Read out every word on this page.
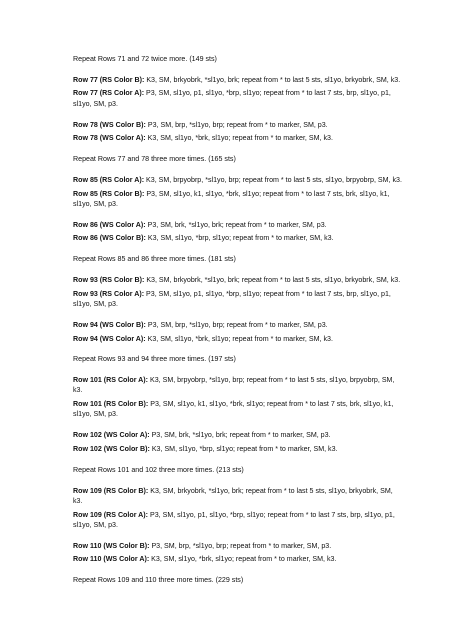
Repeat Rows 71 and 72 twice more. (149 sts)

Row 77 (RS Color B): K3, SM, brkyobrk, *sl1yo, brk; repeat from * to last 5 sts, sl1yo, brkyobrk, SM, k3.

Row 77 (RS Color A): P3, SM, sl1yo, p1, sl1yo, *brp, sl1yo; repeat from * to last 7 sts, brp, sl1yo, p1, sl1yo, SM, p3.

Row 78 (WS Color B): P3, SM, brp, *sl1yo, brp; repeat from * to marker, SM, p3.

Row 78 (WS Color A): K3, SM, sl1yo, *brk, sl1yo; repeat from * to marker, SM, k3.

Repeat Rows 77 and 78 three more times. (165 sts)

Row 85 (RS Color A): K3, SM, brpyobrp, *sl1yo, brp; repeat from * to last 5 sts, sl1yo, brpyobrp, SM, k3.

Row 85 (RS Color B): P3, SM, sl1yo, k1, sl1yo, *brk, sl1yo; repeat from * to last 7 sts, brk, sl1yo, k1, sl1yo, SM, p3.

Row 86 (WS Color A): P3, SM, brk, *sl1yo, brk; repeat from * to marker, SM, p3.

Row 86 (WS Color B): K3, SM, sl1yo, *brp, sl1yo; repeat from * to marker, SM, k3.

Repeat Rows 85 and 86 three more times. (181 sts)

Row 93 (RS Color B): K3, SM, brkyobrk, *sl1yo, brk; repeat from * to last 5 sts, sl1yo, brkyobrk, SM, k3.

Row 93 (RS Color A): P3, SM, sl1yo, p1, sl1yo, *brp, sl1yo; repeat from * to last 7 sts, brp, sl1yo, p1, sl1yo, SM, p3.

Row 94 (WS Color B): P3, SM, brp, *sl1yo, brp; repeat from * to marker, SM, p3.

Row 94 (WS Color A): K3, SM, sl1yo, *brk, sl1yo; repeat from * to marker, SM, k3.

Repeat Rows 93 and 94 three more times. (197 sts)

Row 101 (RS Color A): K3, SM, brpyobrp, *sl1yo, brp; repeat from * to last 5 sts, sl1yo, brpyobrp, SM, k3.

Row 101 (RS Color B): P3, SM, sl1yo, k1, sl1yo, *brk, sl1yo; repeat from * to last 7 sts, brk, sl1yo, k1, sl1yo, SM, p3.

Row 102 (WS Color A): P3, SM, brk, *sl1yo, brk; repeat from * to marker, SM, p3.

Row 102 (WS Color B): K3, SM, sl1yo, *brp, sl1yo; repeat from * to marker, SM, k3.

Repeat Rows 101 and 102 three more times. (213 sts)

Row 109 (RS Color B): K3, SM, brkyobrk, *sl1yo, brk; repeat from * to last 5 sts, sl1yo, brkyobrk, SM, k3.

Row 109 (RS Color A): P3, SM, sl1yo, p1, sl1yo, *brp, sl1yo; repeat from * to last 7 sts, brp, sl1yo, p1, sl1yo, SM, p3.

Row 110 (WS Color B): P3, SM, brp, *sl1yo, brp; repeat from * to marker, SM, p3.

Row 110 (WS Color A): K3, SM, sl1yo, *brk, sl1yo; repeat from * to marker, SM, k3.

Repeat Rows 109 and 110 three more times. (229 sts)
